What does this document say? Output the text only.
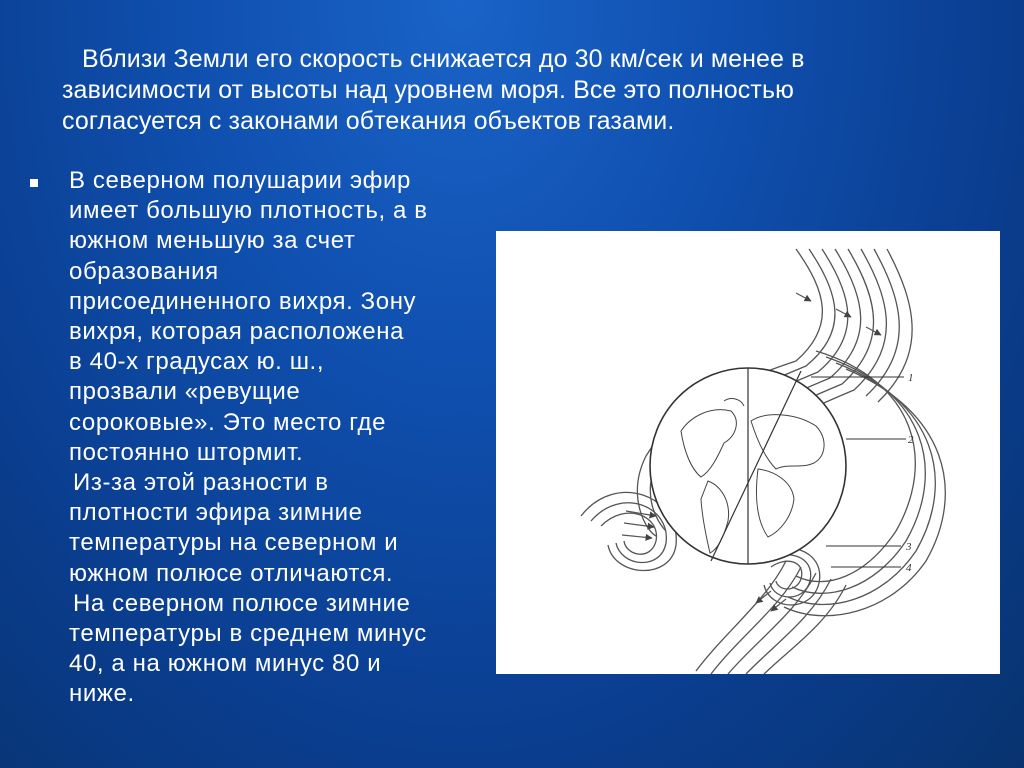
Вблизи Земли его скорость снижается до 30 км/сек и менее в
зависимости от высоты над уровнем моря. Все это полностью
согласуется с законами обтекания объектов газами.
В северном полушарии эфир
имеет большую плотность, а в
южном меньшую за счет
образования
присоединенного вихря. Зону
вихря, которая расположена
в 40-х градусах ю. ш.,
прозвали «ревущие
сороковые». Это место где
постоянно штормит.
Из-за этой разности в
плотности эфира зимние
температуры на северном и
южном полюсе отличаются.
На северном полюсе зимние
температуры в среднем минус
40, а на южном минус 80 и
ниже.
1
2
3
4
